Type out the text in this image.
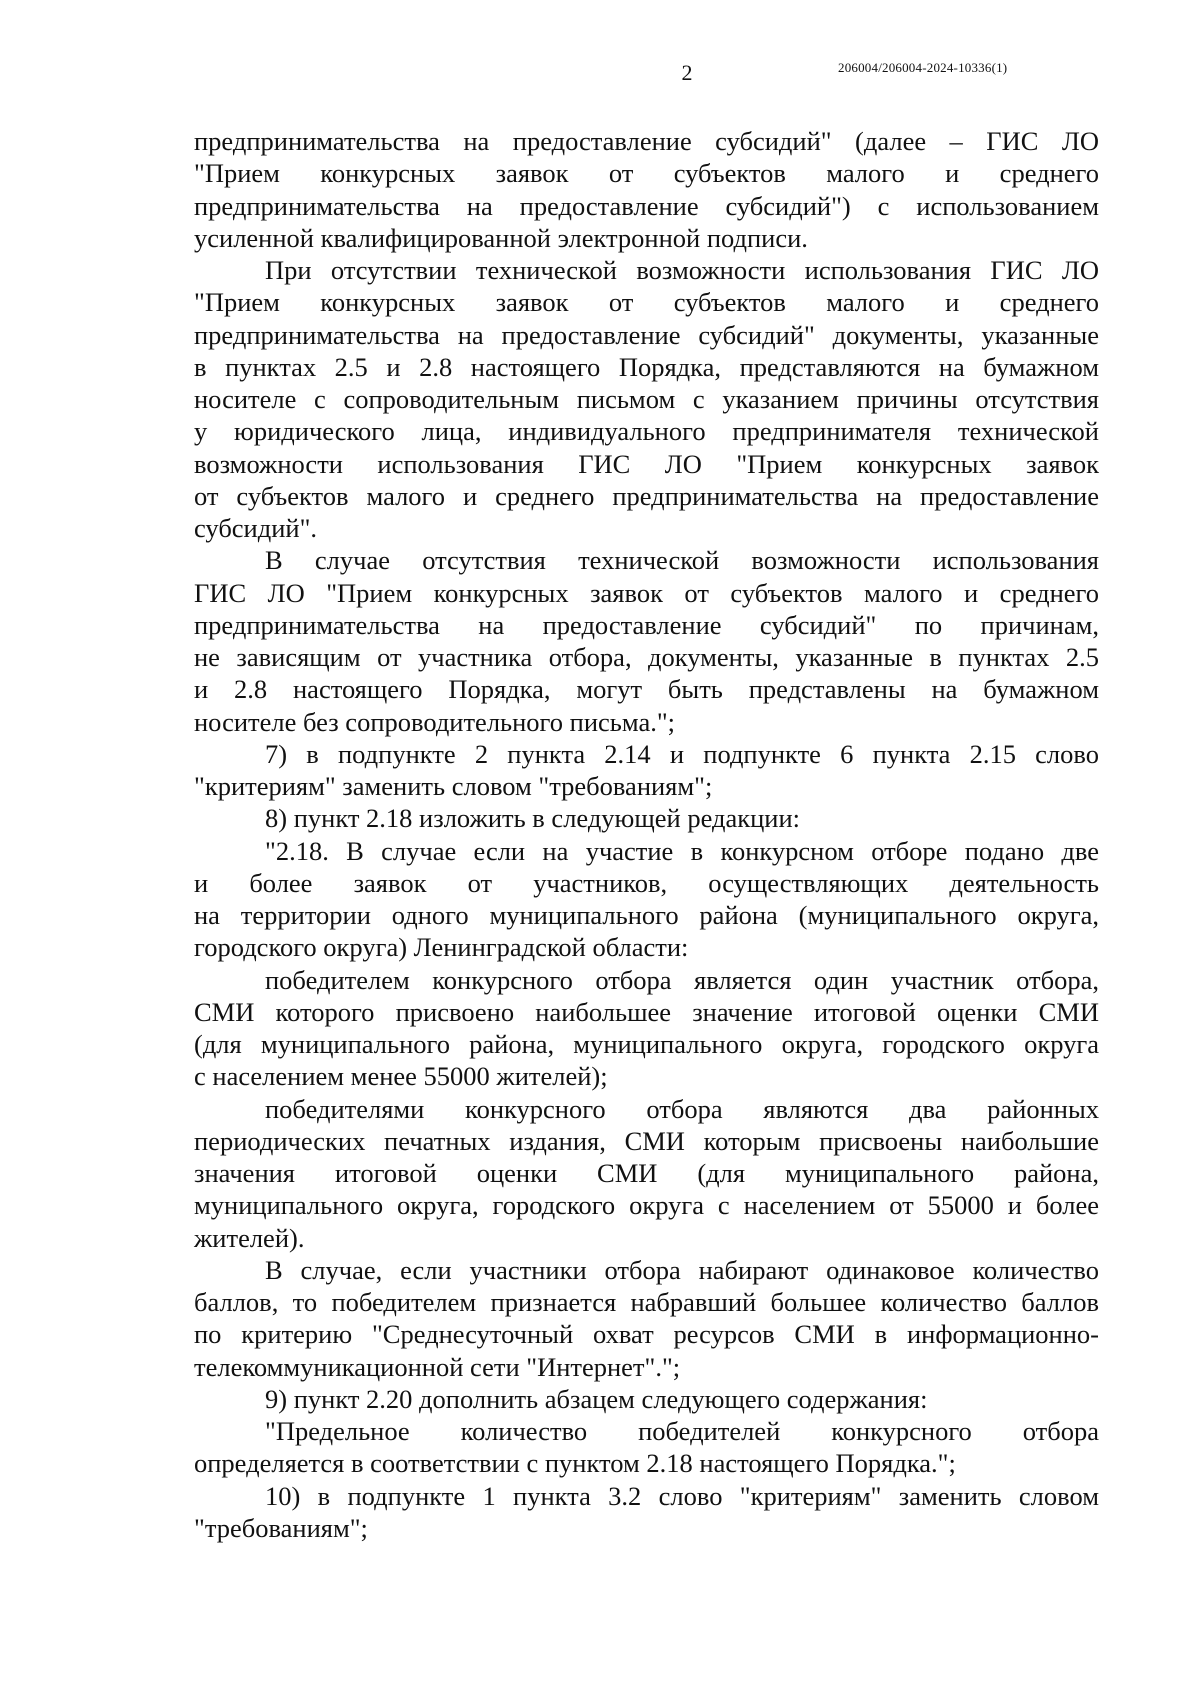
2	206004/206004-2024-10336(1)
предпринимательства на предоставление субсидий" (далее – ГИС ЛО
"Прием конкурсных заявок от субъектов малого и среднего
предпринимательства на предоставление субсидий") с использованием
усиленной квалифицированной электронной подписи.
При отсутствии технической возможности использования ГИС ЛО
"Прием конкурсных заявок от субъектов малого и среднего
предпринимательства на предоставление субсидий" документы, указанные
в пунктах 2.5 и 2.8 настоящего Порядка, представляются на бумажном
носителе с сопроводительным письмом с указанием причины отсутствия
у юридического лица, индивидуального предпринимателя технической
возможности использования ГИС ЛО "Прием конкурсных заявок
от субъектов малого и среднего предпринимательства на предоставление
субсидий".
В случае отсутствия технической возможности использования
ГИС ЛО "Прием конкурсных заявок от субъектов малого и среднего
предпринимательства на предоставление субсидий" по причинам,
не зависящим от участника отбора, документы, указанные в пунктах 2.5
и 2.8 настоящего Порядка, могут быть представлены на бумажном
носителе без сопроводительного письма.";
7) в подпункте 2 пункта 2.14 и подпункте 6 пункта 2.15 слово
"критериям" заменить словом "требованиям";
8) пункт 2.18 изложить в следующей редакции:
"2.18. В случае если на участие в конкурсном отборе подано две
и более заявок от участников, осуществляющих деятельность
на территории одного муниципального района (муниципального округа,
городского округа) Ленинградской области:
победителем конкурсного отбора является один участник отбора,
СМИ которого присвоено наибольшее значение итоговой оценки СМИ
(для муниципального района, муниципального округа, городского округа
с населением менее 55000 жителей);
победителями конкурсного отбора являются два районных
периодических печатных издания, СМИ которым присвоены наибольшие
значения итоговой оценки СМИ (для муниципального района,
муниципального округа, городского округа с населением от 55000 и более
жителей).
В случае, если участники отбора набирают одинаковое количество
баллов, то победителем признается набравший большее количество баллов
по критерию "Среднесуточный охват ресурсов СМИ в информационно-
телекоммуникационной сети "Интернет".";
9) пункт 2.20 дополнить абзацем следующего содержания:
"Предельное количество победителей конкурсного отбора
определяется в соответствии с пунктом 2.18 настоящего Порядка.";
10) в подпункте 1 пункта 3.2 слово "критериям" заменить словом
"требованиям";
